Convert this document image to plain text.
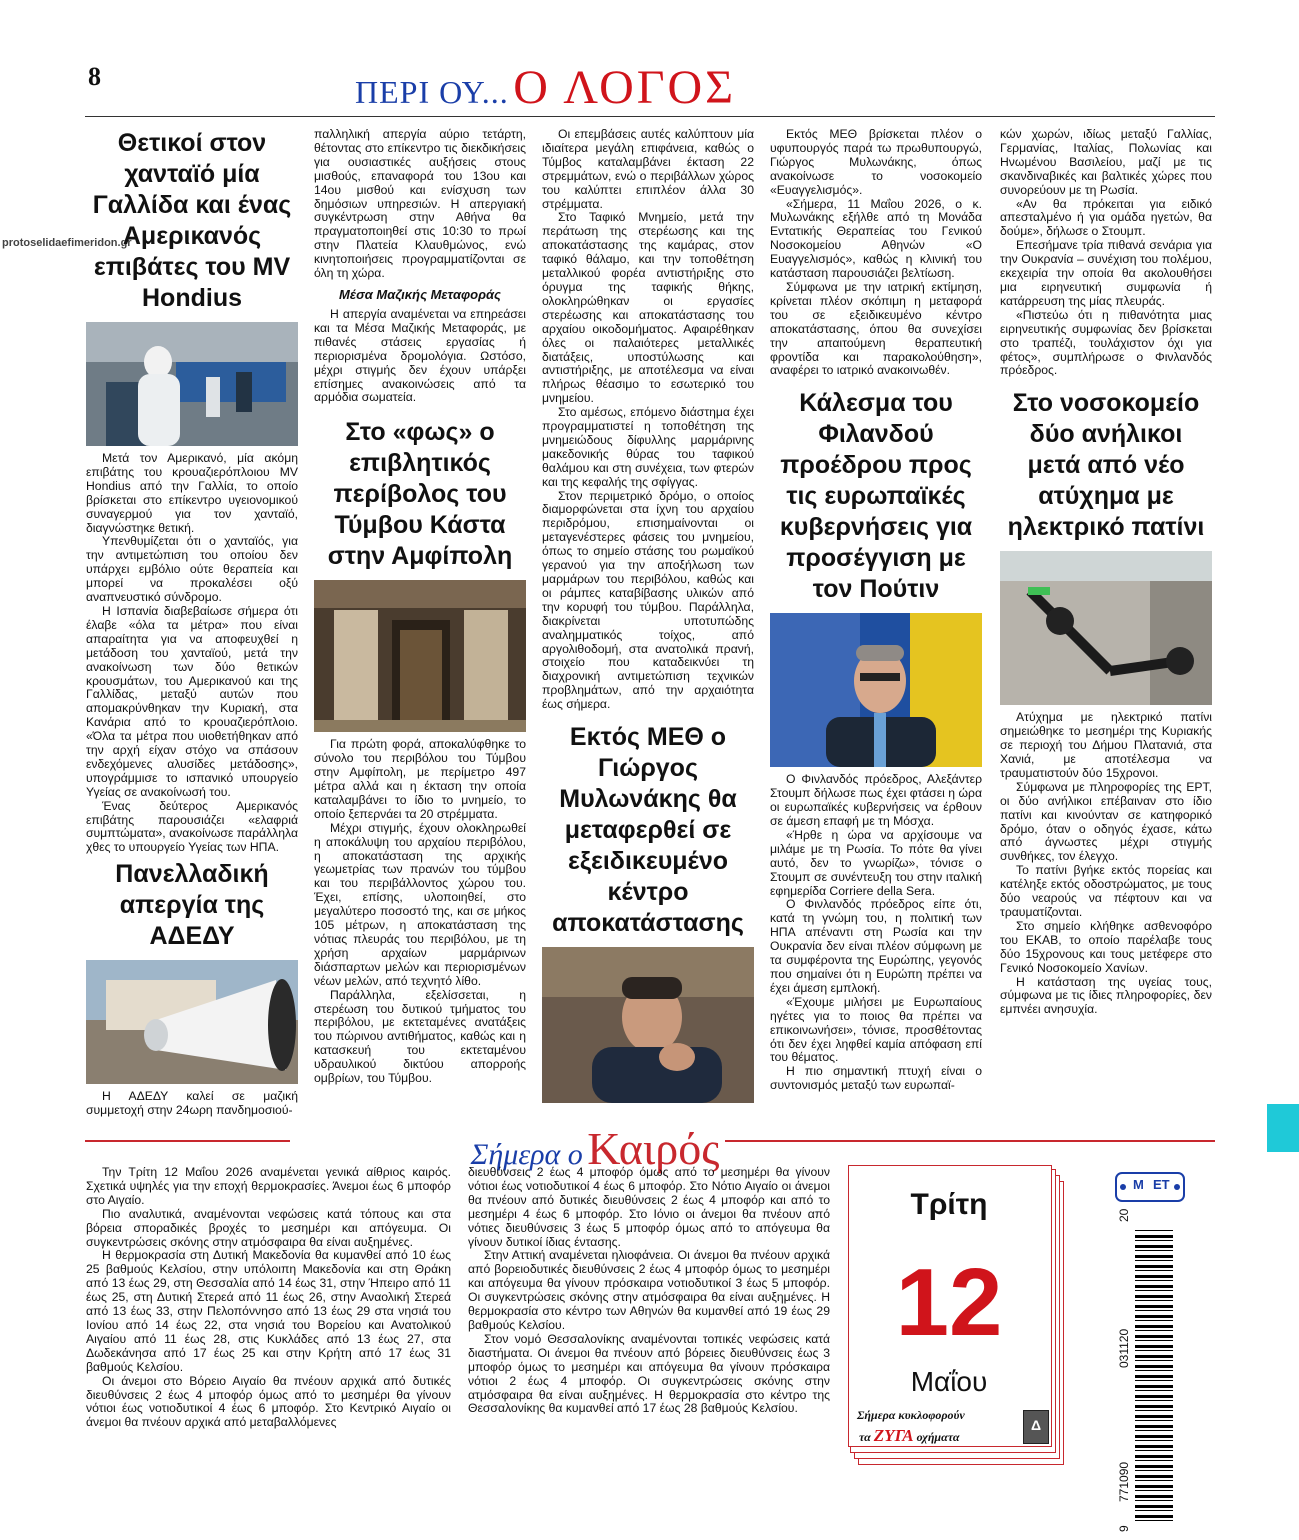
8	ΠΕΡΙ ΟΥ... Ο ΛΟΓΟΣ
protoselidaefimeridon.gr
Θετικοί στον χανταϊό μία Γαλλίδα και ένας Αμερικανός επιβάτες του MV Hondius

Μετά τον Αμερικανό, μία ακόμη επιβάτης του κρουαζιερόπλοιου MV Hondius από την Γαλλία, το οποίο βρίσκεται στο επίκεντρο υγειονομικού συναγερμού για τον χανταϊό, διαγνώστηκε θετική.

Υπενθυμίζεται ότι ο χανταϊός, για την αντιμετώπιση του οποίου δεν υπάρχει εμβόλιο ούτε θεραπεία και μπορεί να προκαλέσει οξύ αναπνευστικό σύνδρομο.

Η Ισπανία διαβεβαίωσε σήμερα ότι έλαβε «όλα τα μέτρα» που είναι απαραίτητα για να αποφευχθεί η μετάδοση του χανταϊού, μετά την ανακοίνωση των δύο θετικών κρουσμάτων, του Αμερικανού και της Γαλλίδας, μεταξύ αυτών που απομακρύνθηκαν την Κυριακή, στα Κανάρια από το κρουαζιερόπλοιο. «Όλα τα μέτρα που υιοθετήθηκαν από την αρχή είχαν στόχο να σπάσουν ενδεχόμενες αλυσίδες μετάδοσης», υπογράμμισε το ισπανικό υπουργείο Υγείας σε ανακοίνωσή του.

Ένας δεύτερος Αμερικανός επιβάτης παρουσιάζει «ελαφριά συμπτώματα», ανακοίνωσε παράλληλα χθες το υπουργείο Υγείας των ΗΠΑ.

Πανελλαδική απεργία της ΑΔΕΔΥ

Η ΑΔΕΔΥ καλεί σε μαζική συμμετοχή στην 24ωρη πανδημοσιού-

παλληλική απεργία αύριο τετάρτη, θέτοντας στο επίκεντρο τις διεκδικήσεις για ουσιαστικές αυξήσεις στους μισθούς, επαναφορά του 13ου και 14ου μισθού και ενίσχυση των δημόσιων υπηρεσιών. Η απεργιακή συγκέντρωση στην Αθήνα θα πραγματοποιηθεί στις 10:30 το πρωί στην Πλατεία Κλαυθμώνος, ενώ κινητοποιήσεις προγραμματίζονται σε όλη τη χώρα.

Μέσα Μαζικής Μεταφοράς

Η απεργία αναμένεται να επηρεάσει και τα Μέσα Μαζικής Μεταφοράς, με πιθανές στάσεις εργασίας ή περιορισμένα δρομολόγια. Ωστόσο, μέχρι στιγμής δεν έχουν υπάρξει επίσημες ανακοινώσεις από τα αρμόδια σωματεία.

Στο «φως» ο επιβλητικός περίβολος του Τύμβου Κάστα στην Αμφίπολη

Για πρώτη φορά, αποκαλύφθηκε το σύνολο του περιβόλου του Τύμβου στην Αμφίπολη, με περίμετρο 497 μέτρα αλλά και η έκταση την οποία καταλαμβάνει το ίδιο το μνημείο, το οποίο ξεπερνάει τα 20 στρέμματα.

Μέχρι στιγμής, έχουν ολοκληρωθεί η αποκάλυψη του αρχαίου περιβόλου, η αποκατάσταση της αρχικής γεωμετρίας των πρανών του τύμβου και του περιβάλλοντος χώρου του. Έχει, επίσης, υλοποιηθεί, στο μεγαλύτερο ποσοστό της, και σε μήκος 105 μέτρων, η αποκατάσταση της νότιας πλευράς του περιβόλου, με τη χρήση αρχαίων μαρμάρινων διάσπαρτων μελών και περιορισμένων νέων μελών, από τεχνητό λίθο.

Παράλληλα, εξελίσσεται, η στερέωση του δυτικού τμήματος του περιβόλου, με εκτεταμένες ανατάξεις του πώρινου αντιθήματος, καθώς και η κατασκευή του εκτεταμένου υδραυλικού δικτύου απορροής ομβρίων, του Τύμβου.

Οι επεμβάσεις αυτές καλύπτουν μία ιδιαίτερα μεγάλη επιφάνεια, καθώς ο Τύμβος καταλαμβάνει έκταση 22 στρεμμάτων, ενώ ο περιβάλλων χώρος του καλύπτει επιπλέον άλλα 30 στρέμματα.

Στο Ταφικό Μνημείο, μετά την περάτωση της στερέωσης και της αποκατάστασης της καμάρας, στον ταφικό θάλαμο, και την τοποθέτηση μεταλλικού φορέα αντιστήριξης στο όρυγμα της ταφικής θήκης, ολοκληρώθηκαν οι εργασίες στερέωσης και αποκατάστασης του αρχαίου οικοδομήματος. Αφαιρέθηκαν όλες οι παλαιότερες μεταλλικές διατάξεις, υποστύλωσης και αντιστήριξης, με αποτέλεσμα να είναι πλήρως θέασιμο το εσωτερικό του μνημείου.

Στο αμέσως, επόμενο διάστημα έχει προγραμματιστεί η τοποθέτηση της μνημειώδους δίφυλλης μαρμάρινης μακεδονικής θύρας του ταφικού θαλάμου και στη συνέχεια, των φτερών και της κεφαλής της σφίγγας.

Στον περιμετρικό δρόμο, ο οποίος διαμορφώνεται στα ίχνη του αρχαίου περιδρόμου, επισημαίνονται οι μεταγενέστερες φάσεις του μνημείου, όπως το σημείο στάσης του ρωμαϊκού γερανού για την αποξήλωση των μαρμάρων του περιβόλου, καθώς και οι ράμπες καταβίβασης υλικών από την κορυφή του τύμβου. Παράλληλα, διακρίνεται υποτυπώδης αναλημματικός τοίχος, από αργολιθοδομή, στα ανατολικά πρανή, στοιχείο που καταδεικνύει τη διαχρονική αντιμετώπιση τεχνικών προβλημάτων, από την αρχαιότητα έως σήμερα.

Εκτός ΜΕΘ ο Γιώργος Μυλωνάκης θα μεταφερθεί σε εξειδικευμένο κέντρο αποκατάστασης

Εκτός ΜΕΘ βρίσκεται πλέον ο υφυπουργός παρά τω πρωθυπουργώ, Γιώργος Μυλωνάκης, όπως ανακοίνωσε το νοσοκομείο «Ευαγγελισμός».

«Σήμερα, 11 Μαΐου 2026, ο κ. Μυλωνάκης εξήλθε από τη Μονάδα Εντατικής Θεραπείας του Γενικού Νοσοκομείου Αθηνών «Ο Ευαγγελισμός», καθώς η κλινική του κατάσταση παρουσιάζει βελτίωση.

Σύμφωνα με την ιατρική εκτίμηση, κρίνεται πλέον σκόπιμη η μεταφορά του σε εξειδικευμένο κέντρο αποκατάστασης, όπου θα συνεχίσει την απαιτούμενη θεραπευτική φροντίδα και παρακολούθηση», αναφέρει το ιατρικό ανακοινωθέν.

Κάλεσμα του Φιλανδού προέδρου προς τις ευρωπαϊκές κυβερνήσεις για προσέγγιση με τον Πούτιν

Ο Φινλανδός πρόεδρος, Αλεξάντερ Στουμπ δήλωσε πως έχει φτάσει η ώρα οι ευρωπαϊκές κυβερνήσεις να έρθουν σε άμεση επαφή με τη Μόσχα.

«Ήρθε η ώρα να αρχίσουμε να μιλάμε με τη Ρωσία. Το πότε θα γίνει αυτό, δεν το γνωρίζω», τόνισε ο Στουμπ σε συνέντευξη του στην ιταλική εφημερίδα Corriere della Sera.

Ο Φινλανδός πρόεδρος είπε ότι, κατά τη γνώμη του, η πολιτική των ΗΠΑ απέναντι στη Ρωσία και την Ουκρανία δεν είναι πλέον σύμφωνη με τα συμφέροντα της Ευρώπης, γεγονός που σημαίνει ότι η Ευρώπη πρέπει να έχει άμεση εμπλοκή.

«Έχουμε μιλήσει με Ευρωπαίους ηγέτες για το ποιος θα πρέπει να επικοινωνήσει», τόνισε, προσθέτοντας ότι δεν έχει ληφθεί καμία απόφαση επί του θέματος.

Η πιο σημαντική πτυχή είναι ο συντονισμός μεταξύ των ευρωπαϊ-

κών χωρών, ιδίως μεταξύ Γαλλίας, Γερμανίας, Ιταλίας, Πολωνίας και Ηνωμένου Βασιλείου, μαζί με τις σκανδιναβικές και βαλτικές χώρες που συνορεύουν με τη Ρωσία.

«Αν θα πρόκειται για ειδικό απεσταλμένο ή για ομάδα ηγετών, θα δούμε», δήλωσε ο Στουμπ.

Επεσήμανε τρία πιθανά σενάρια για την Ουκρανία – συνέχιση του πολέμου, εκεχειρία την οποία θα ακολουθήσει μια ειρηνευτική συμφωνία ή κατάρρευση της μίας πλευράς.

«Πιστεύω ότι η πιθανότητα μιας ειρηνευτικής συμφωνίας δεν βρίσκεται στο τραπέζι, τουλάχιστον όχι για φέτος», συμπλήρωσε ο Φινλανδός πρόεδρος.

Στο νοσοκομείο δύο ανήλικοι μετά από νέο ατύχημα με ηλεκτρικό πατίνι

Ατύχημα με ηλεκτρικό πατίνι σημειώθηκε το μεσημέρι της Κυριακής σε περιοχή του Δήμου Πλατανιά, στα Χανιά, με αποτέλεσμα να τραυματιστούν δύο 15χρονοι.

Σύμφωνα με πληροφορίες της ΕΡΤ, οι δύο ανήλικοι επέβαιναν στο ίδιο πατίνι και κινούνταν σε κατηφορικό δρόμο, όταν ο οδηγός έχασε, κάτω από άγνωστες μέχρι στιγμής συνθήκες, τον έλεγχο.

Το πατίνι βγήκε εκτός πορείας και κατέληξε εκτός οδοστρώματος, με τους δύο νεαρούς να πέφτουν και να τραυματίζονται.

Στο σημείο κλήθηκε ασθενοφόρο του ΕΚΑΒ, το οποίο παρέλαβε τους δύο 15χρονους και τους μετέφερε στο Γενικό Νοσοκομείο Χανίων.

Η κατάσταση της υγείας τους, σύμφωνα με τις ίδιες πληροφορίες, δεν εμπνέει ανησυχία.

Σήμερα ο Καιρός

Την Τρίτη 12 Μαΐου 2026 αναμένεται γενικά αίθριος καιρός. Σχετικά υψηλές για την εποχή θερμοκρασίες. Άνεμοι έως 6 μποφόρ στο Αιγαίο.

Πιο αναλυτικά, αναμένονται νεφώσεις κατά τόπους και στα βόρεια σποραδικές βροχές το μεσημέρι και απόγευμα. Οι συγκεντρώσεις σκόνης στην ατμόσφαιρα θα είναι αυξημένες.

Η θερμοκρασία στη Δυτική Μακεδονία θα κυμανθεί από 10 έως 25 βαθμούς Κελσίου, στην υπόλοιπη Μακεδονία και στη Θράκη από 13 έως 29, στη Θεσσαλία από 14 έως 31, στην Ήπειρο από 11 έως 25, στη Δυτική Στερεά από 11 έως 26, στην Αναολική Στερεά από 13 έως 33, στην Πελοπόννησο από 13 έως 29 στα νησιά του Ιονίου από 14 έως 22, στα νησιά του Βορείου και Ανατολικού Αιγαίου από 11 έως 28, στις Κυκλάδες από 13 έως 27, στα Δωδεκάνησα από 17 έως 25 και στην Κρήτη από 17 έως 31 βαθμούς Κελσίου.

Οι άνεμοι στο Βόρειο Αιγαίο θα πνέουν αρχικά από δυτικές διευθύνσεις 2 έως 4 μποφόρ όμως από το μεσημέρι θα γίνουν νότιοι έως νοτιοδυτικοί 4 έως 6 μποφόρ. Στο Κεντρικό Αιγαίο οι άνεμοι θα πνέουν αρχικά από μεταβαλλόμενες

διευθύνσεις 2 έως 4 μποφόρ όμως από το μεσημέρι θα γίνουν νότιοι έως νοτιοδυτικοί 4 έως 6 μποφόρ. Στο Νότιο Αιγαίο οι άνεμοι θα πνέουν από δυτικές διευθύνσεις 2 έως 4 μποφόρ και από το μεσημέρι 4 έως 6 μποφόρ. Στο Ιόνιο οι άνεμοι θα πνέουν από νότιες διευθύνσεις 3 έως 5 μποφόρ όμως από το απόγευμα θα γίνουν δυτικοί ίδιας έντασης.

Στην Αττική αναμένεται ηλιοφάνεια. Οι άνεμοι θα πνέουν αρχικά από βορειοδυτικές διευθύνσεις 2 έως 4 μποφόρ όμως το μεσημέρι και απόγευμα θα γίνουν πρόσκαιρα νοτιοδυτικοί 3 έως 5 μποφόρ. Οι συγκεντρώσεις σκόνης στην ατμόσφαιρα θα είναι αυξημένες. Η θερμοκρασία στο κέντρο των Αθηνών θα κυμανθεί από 19 έως 29 βαθμούς Κελσίου.

Στον νομό Θεσσαλονίκης αναμένονται τοπικές νεφώσεις κατά διαστήματα. Οι άνεμοι θα πνέουν από βόρειες διευθύνσεις έως 3 μποφόρ όμως το μεσημέρι και απόγευμα θα γίνουν πρόσκαιρα νότιοι 2 έως 4 μποφόρ. Οι συγκεντρώσεις σκόνης στην ατμόσφαιρα θα είναι αυξημένες. Η θερμοκρασία στο κέντρο της Θεσσαλονίκης θα κυμανθεί από 17 έως 28 βαθμούς Κελσίου.

Τρίτη
12
Μαΐου
Σήμερα κυκλοφορούν
τα ΖΥΓΑ οχήματα
Δ
Μ ΕΤ
20
9
771090
031120
